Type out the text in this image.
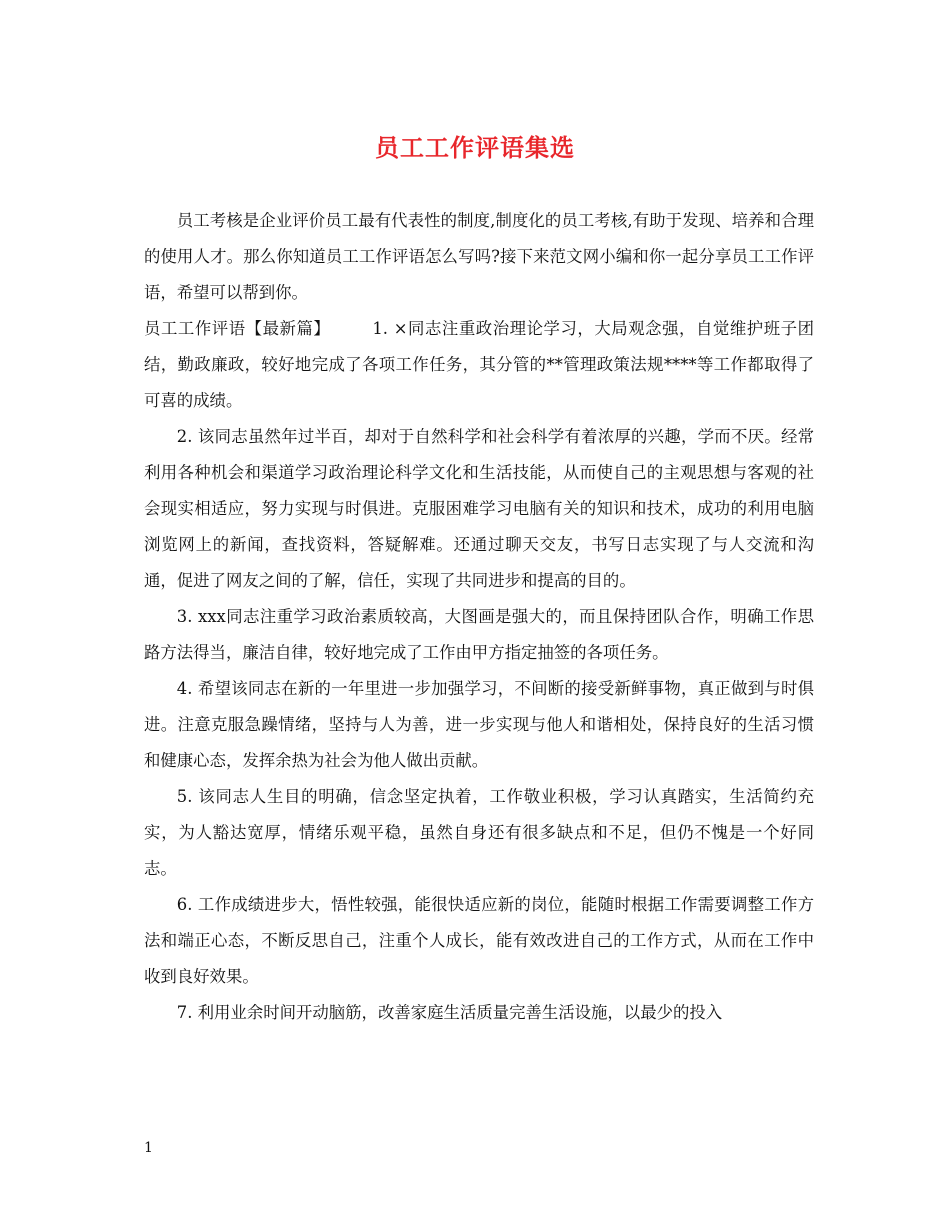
员工工作评语集选

员工考核是企业评价员工最有代表性的制度,制度化的员工考核,有助于发现、培养和合理的使用人才。那么你知道员工工作评语怎么写吗?接下来范文网小编和你一起分享员工工作评语，希望可以帮到你。

员工工作评语【最新篇】	1. ×同志注重政治理论学习，大局观念强，自觉维护班子团结，勤政廉政，较好地完成了各项工作任务，其分管的**管理政策法规****等工作都取得了可喜的成绩。

2. 该同志虽然年过半百，却对于自然科学和社会科学有着浓厚的兴趣，学而不厌。经常利用各种机会和渠道学习政治理论科学文化和生活技能，从而使自己的主观思想与客观的社会现实相适应，努力实现与时俱进。克服困难学习电脑有关的知识和技术，成功的利用电脑浏览网上的新闻，查找资料，答疑解难。还通过聊天交友，书写日志实现了与人交流和沟通，促进了网友之间的了解，信任，实现了共同进步和提高的目的。

3. xxx同志注重学习政治素质较高，大图画是强大的，而且保持团队合作，明确工作思路方法得当，廉洁自律，较好地完成了工作由甲方指定抽签的各项任务。

4. 希望该同志在新的一年里进一步加强学习，不间断的接受新鲜事物，真正做到与时俱进。注意克服急躁情绪，坚持与人为善，进一步实现与他人和谐相处，保持良好的生活习惯和健康心态，发挥余热为社会为他人做出贡献。

5. 该同志人生目的明确，信念坚定执着，工作敬业积极，学习认真踏实，生活简约充实，为人豁达宽厚，情绪乐观平稳，虽然自身还有很多缺点和不足，但仍不愧是一个好同志。

6. 工作成绩进步大，悟性较强，能很快适应新的岗位，能随时根据工作需要调整工作方法和端正心态，不断反思自己，注重个人成长，能有效改进自己的工作方式，从而在工作中收到良好效果。

7. 利用业余时间开动脑筋，改善家庭生活质量完善生活设施，以最少的投入

1
